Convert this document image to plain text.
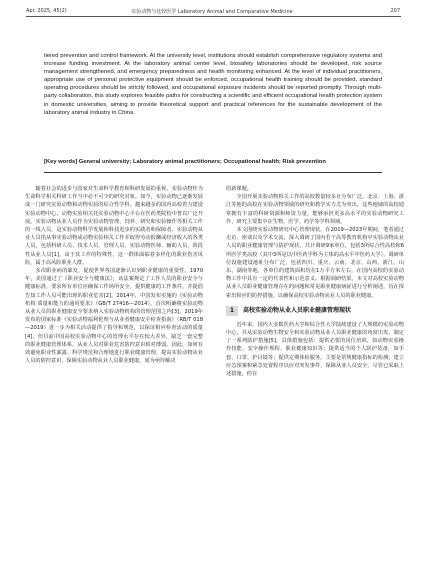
Apr. 2025, 45(2)	实验动物与比较医学 Laboratory Animal and Comparative Medicine	207
tiered prevention and control framework. At the university level, institutions should establish comprehensive regulatory systems and increase funding investment. At the laboratory animal center level, biosafety laboratories should be developed, risk source management strengthened, and emergency preparedness and health monitoring enhanced. At the level of individual practitioners, appropriate use of personal protective equipment should be enforced, occupational health training should be provided, standard operating procedures should be strictly followed, and occupational exposure incidents should be reported promptly. Through multi-party collaboration, this study explores feasible paths for constructing a scientific and efficient occupational health protection system in domestic universities, aiming to provide theoretical support and practical references for the sustainable development of the laboratory animal industry in China.
[Key words] General university; Laboratory animal practitioners; Occupational health; Risk prevention

随着社会的进步与国家对生命科学教育和科研发展的重视，实验动物作为生命科学相关科研工作当中必不可少的研究对象。如今，实验动物已逐渐发展成一门研究实验动物和动物实验的综合性学科。越来越多的国内高校着力建设实验动物中心。动物实验相关托实验动物中心平台在医药类院校中普以广泛开展。实验动物从业人员作为实验动物管理、饲养、研究和实验操作等相关工作的一线人员，是实验动物科学发展和科技进步的实践者和保障者。实验动物从业人员指从事实验动物或动物实验相关工作并取得劳动报酬或经济收入的各类人员，包括科研人员、技术人员、管理人员、实验动物医师、辅助人员、阶段性从业人员[1]，由于其工作的特殊性，这一群体面临着多样化的职业伤害风险，属于高风险职业人群。

多次职业病的暴发，促使世界各国逐渐认识到职业健康的重要性。1970年，美国通过了《职业安全与健康法》，该法案规定了工作人员的职业安全与健康标准，要求所有单位应确保工作场所安全，提供健康的工作条件，并提倡告知工作人员可能出现的职业危害[2]。2014年，中国发布实施的《实验动物机构 质量和能力的通用要求》（GB/T 27416—2014），首次明确将实验动物从业人员的职业健康安全要求纳入实验动物机构的管理范围之内[3]。2019年发布的国家标准《实验动物福利伦理与从业者健康安全检查指南》（RB/T 018—2019）进一步为相关活动提供了指导和规范，以保证相应检查活动的质量[4]。但目前中国高校实验动物中心的管理水平存在较大差异，缺乏一套完整的职业健康管理体系，从业人员对职业危害防控意识相对薄弱。因此，如何有效避免职业性暴露、科学规范和合理地进行职业健康管理，提高实验动物从业人员的防控意识，保障实验动物从业人员职业健康，成为亟待解决

的新课题。

全国开展实验动物相关工作的高校数量较多且分布广泛。北京、上海、浙江等地的高校在实验动物领域的研究和教学实力尤为突出。这些地域的高校通常拥有丰富的科研资源和师资力量，能够承担更多高水平的实验动物研究工作，研究主要集中在生物、医学、药学等学科领域。

本文围绕实验动物研究中心管理现状，在2019—2023年期间，笔者通过走访、座谈以及学术交流，深入调研了国内若干高等教育机构中实验动物从业人员的职业健康管理与防护现状，共计调研9家单位，包括3所综合性高校和6所医学类高校（其中3所是以中医药学科为主体的高水平中医药大学）。调研单位设施建设地址分布广泛，包括四川、重庆、云南、北京、山西、浙江、山东、湖南等地，各单位的建筑面积均在1万平方米左右，在国内高校的实验动物工作中具有一定的代表性和示范意义。根据调研结果，本文对高校实验动物从业人员职业健康管理存在的问题和常见职业健康病症进行分析阐述，旨在探索出相应的防控措施，以确保高校实验动物从业人员的职业健康。

1	高校实验动物从业人员职业健康管理现状

近年来，国内大多数医药大学和综合性大学陆续建设了大规模的实验动物中心，并从实验动物生物安全和实验动物从业人员职业健康的角度出发，制定了一系列防护措施[5]。具体措施包括：提供必要的岗位培训，如动物实验操作技能、安全操作规程、职业健康知识等；提供适当的个人防护装备，如手套、口罩、护目镜等；提供定期体检服务。主要是常规健康指标的检测；建立应急预案和紧急处置程序以应对突发事件，保障从业人员安全。尽管已采取上述措施，但在
